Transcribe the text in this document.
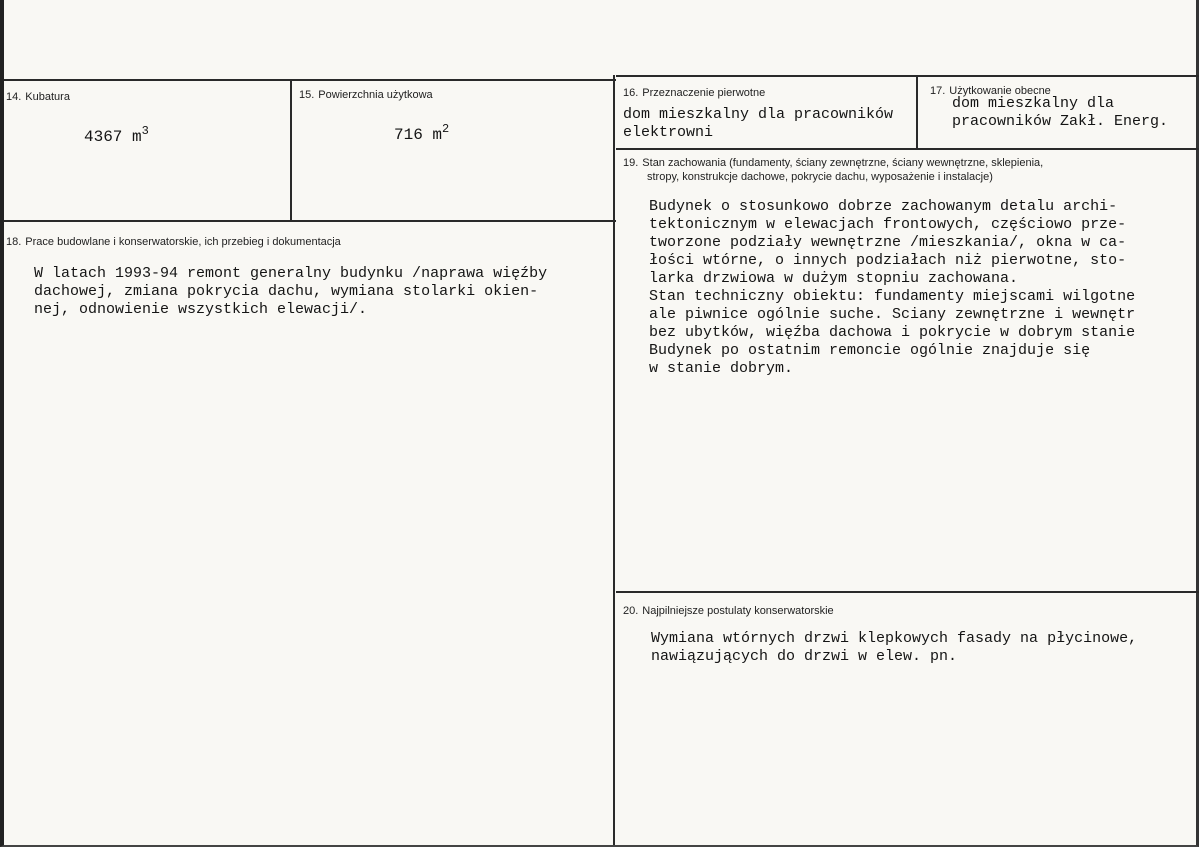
14. Kubatura
4367 $m^3$
15. Powierzchnia użytkowa
716 $m^2$
16. Przeznaczenie pierwotne
dom mieszkalny dla pracowników
elektrowni
17. Użytkowanie obecne
dom mieszkalny dla
pracowników Zakł. Energ.
18. Prace budowlane i konserwatorskie, ich przebieg i dokumentacja
W latach 1993-94 remont generalny budynku /naprawa więźby
dachowej, zmiana pokrycia dachu, wymiana stolarki okien-
nej, odnowienie wszystkich elewacji/.
19. Stan zachowania (fundamenty, ściany zewnętrzne, ściany wewnętrzne, sklepienia,
stropy, konstrukcje dachowe, pokrycie dachu, wyposażenie i instalacje)
Budynek o stosunkowo dobrze zachowanym detalu archi-
tektonicznym w elewacjach frontowych, częściowo prze-
tworzone podziały wewnętrzne /mieszkania/, okna w ca-
łości wtórne, o innych podziałach niż pierwotne, sto-
larka drzwiowa w dużym stopniu zachowana.
Stan techniczny obiektu: fundamenty miejscami wilgotne
ale piwnice ogólnie suche. Sciany zewnętrzne i wewnętr
bez ubytków, więźba dachowa i pokrycie w dobrym stanie
Budynek po ostatnim remoncie ogólnie znajduje się
w stanie dobrym.
20. Najpilniejsze postulaty konserwatorskie
Wymiana wtórnych drzwi klepkowych fasady na płycinowe,
nawiązujących do drzwi w elew. pn.
